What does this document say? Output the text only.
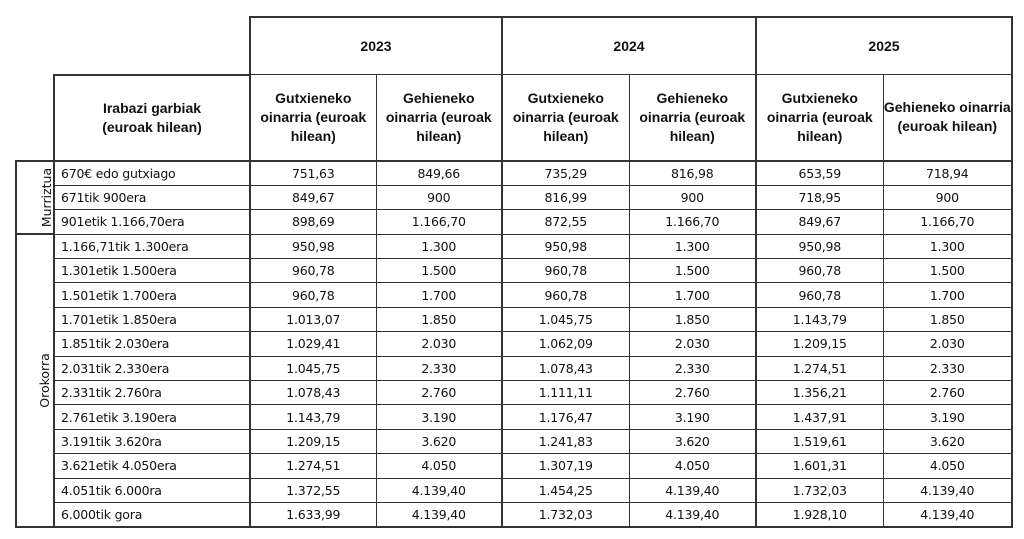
		2023		2024		2025	

	Irabazi garbiak (euroak hilean)	Gutxieneko oinarria (euroak hilean)	Gehieneko oinarria (euroak hilean)	Gutxieneko oinarria (euroak hilean)	Gehieneko oinarria (euroak hilean)	Gutxieneko oinarria (euroak hilean)	Gehieneko oinarria (euroak hilean)
Murriztua	670€ edo gutxiago	751,63	849,66	735,29	816,98	653,59	718,94
	671tik 900era	849,67	900	816,99	900	718,95	900
	901etik 1.166,70era	898,69	1.166,70	872,55	1.166,70	849,67	1.166,70
Orokorra	1.166,71tik 1.300era	950,98	1.300	950,98	1.300	950,98	1.300
	1.301etik 1.500era	960,78	1.500	960,78	1.500	960,78	1.500
	1.501etik 1.700era	960,78	1.700	960,78	1.700	960,78	1.700
	1.701etik 1.850era	1.013,07	1.850	1.045,75	1.850	1.143,79	1.850
	1.851tik 2.030era	1.029,41	2.030	1.062,09	2.030	1.209,15	2.030
	2.031tik 2.330era	1.045,75	2.330	1.078,43	2.330	1.274,51	2.330
	2.331tik 2.760ra	1.078,43	2.760	1.111,11	2.760	1.356,21	2.760
	2.761etik 3.190era	1.143,79	3.190	1.176,47	3.190	1.437,91	3.190
	3.191tik 3.620ra	1.209,15	3.620	1.241,83	3.620	1.519,61	3.620
	3.621etik 4.050era	1.274,51	4.050	1.307,19	4.050	1.601,31	4.050
	4.051tik 6.000ra	1.372,55	4.139,40	1.454,25	4.139,40	1.732,03	4.139,40
	6.000tik gora	1.633,99	4.139,40	1.732,03	4.139,40	1.928,10	4.139,40
